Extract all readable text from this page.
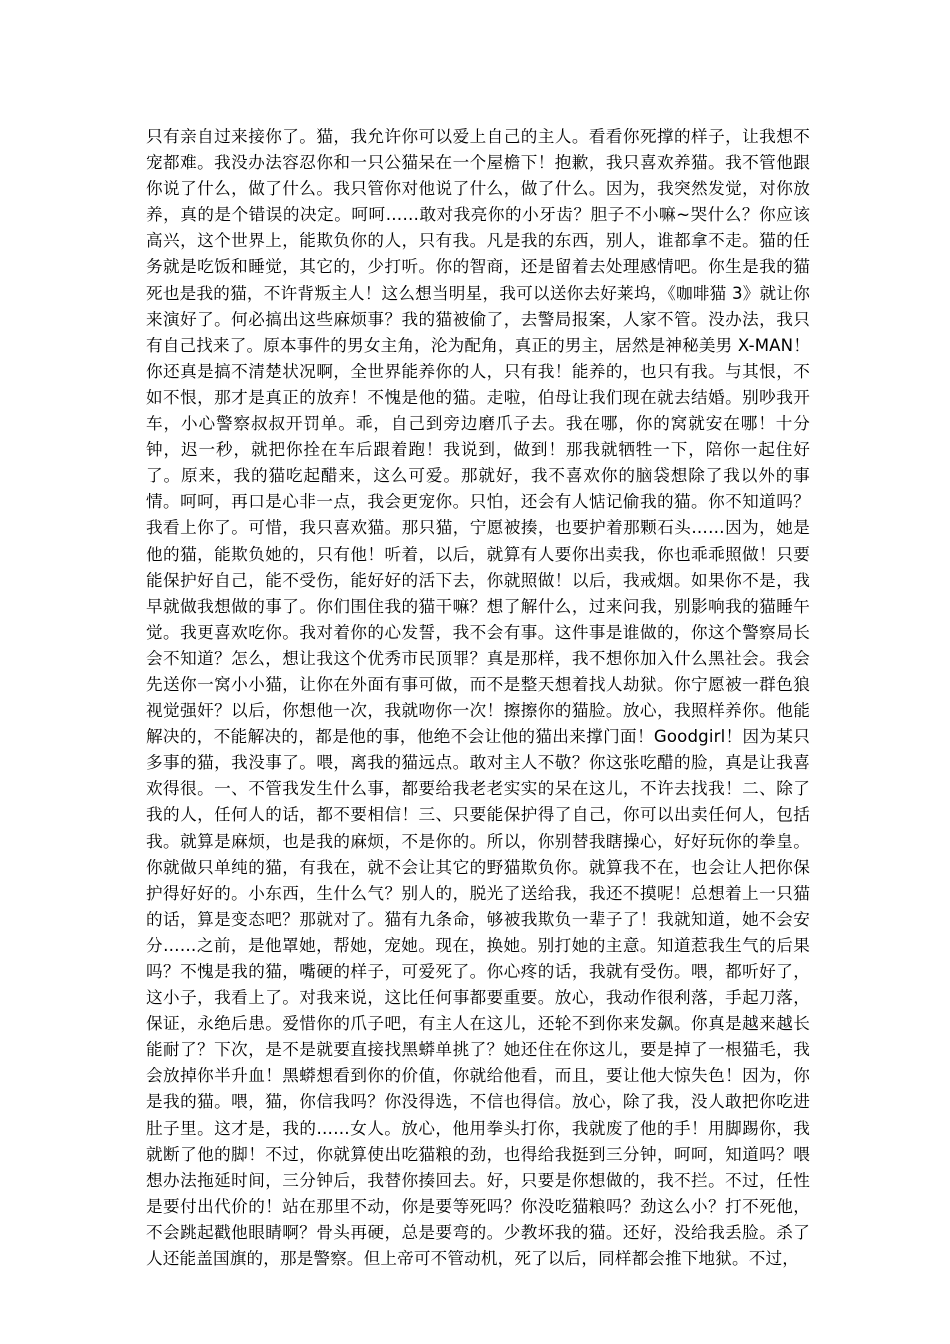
只有亲自过来接你了。猫，我允许你可以爱上自己的主人。看看你死撑的样子，让我想不宠都难。我没办法容忍你和一只公猫呆在一个屋檐下！抱歉，我只喜欢养猫。我不管他跟你说了什么，做了什么。我只管你对他说了什么，做了什么。因为，我突然发觉，对你放养，真的是个错误的决定。呵呵……敢对我亮你的小牙齿？胆子不小嘛~哭什么？你应该高兴，这个世界上，能欺负你的人，只有我。凡是我的东西，别人，谁都拿不走。猫的任务就是吃饭和睡觉，其它的，少打听。你的智商，还是留着去处理感情吧。你生是我的猫死也是我的猫，不许背叛主人！这么想当明星，我可以送你去好莱坞，《咖啡猫 3》就让你来演好了。何必搞出这些麻烦事？我的猫被偷了，去警局报案，人家不管。没办法，我只有自己找来了。原本事件的男女主角，沦为配角，真正的男主，居然是神秘美男 X-MAN！你还真是搞不清楚状况啊，全世界能养你的人，只有我！能养的，也只有我。与其恨，不如不恨，那才是真正的放弃！不愧是他的猫。走啦，伯母让我们现在就去结婚。别吵我开车，小心警察叔叔开罚单。乖，自己到旁边磨爪子去。我在哪，你的窝就安在哪！十分钟，迟一秒，就把你拴在车后跟着跑！我说到，做到！那我就牺牲一下，陪你一起住好了。原来，我的猫吃起醋来，这么可爱。那就好，我不喜欢你的脑袋想除了我以外的事情。呵呵，再口是心非一点，我会更宠你。只怕，还会有人惦记偷我的猫。你不知道吗？我看上你了。可惜，我只喜欢猫。那只猫，宁愿被揍，也要护着那颗石头……因为，她是他的猫，能欺负她的，只有他！听着，以后，就算有人要你出卖我，你也乖乖照做！只要能保护好自己，能不受伤，能好好的活下去，你就照做！以后，我戒烟。如果你不是，我早就做我想做的事了。你们围住我的猫干嘛？想了解什么，过来问我，别影响我的猫睡午觉。我更喜欢吃你。我对着你的心发誓，我不会有事。这件事是谁做的，你这个警察局长会不知道？怎么，想让我这个优秀市民顶罪？真是那样，我不想你加入什么黑社会。我会先送你一窝小小猫，让你在外面有事可做，而不是整天想着找人劫狱。你宁愿被一群色狼视觉强奸？以后，你想他一次，我就吻你一次！擦擦你的猫脸。放心，我照样养你。他能解决的，不能解决的，都是他的事，他绝不会让他的猫出来撑门面！Goodgirl！因为某只多事的猫，我没事了。喂，离我的猫远点。敢对主人不敬？你这张吃醋的脸，真是让我喜欢得很。一、不管我发生什么事，都要给我老老实实的呆在这儿，不许去找我！二、除了我的人，任何人的话，都不要相信！三、只要能保护得了自己，你可以出卖任何人，包括我。就算是麻烦，也是我的麻烦，不是你的。所以，你别替我瞎操心，好好玩你的拳皇。你就做只单纯的猫，有我在，就不会让其它的野猫欺负你。就算我不在，也会让人把你保护得好好的。小东西，生什么气？别人的，脱光了送给我，我还不摸呢！总想着上一只猫的话，算是变态吧？那就对了。猫有九条命，够被我欺负一辈子了！我就知道，她不会安分……之前，是他罩她，帮她，宠她。现在，换她。别打她的主意。知道惹我生气的后果吗？不愧是我的猫，嘴硬的样子，可爱死了。你心疼的话，我就有受伤。喂，都听好了，这小子，我看上了。对我来说，这比任何事都要重要。放心，我动作很利落，手起刀落，保证，永绝后患。爱惜你的爪子吧，有主人在这儿，还轮不到你来发飙。你真是越来越长能耐了？下次，是不是就要直接找黑蟒单挑了？她还住在你这儿，要是掉了一根猫毛，我会放掉你半升血！黑蟒想看到你的价值，你就给他看，而且，要让他大惊失色！因为，你是我的猫。喂，猫，你信我吗？你没得选，不信也得信。放心，除了我，没人敢把你吃进肚子里。这才是，我的……女人。放心，他用拳头打你，我就废了他的手！用脚踢你，我就断了他的脚！不过，你就算使出吃猫粮的劲，也得给我挺到三分钟，呵呵，知道吗？喂想办法拖延时间，三分钟后，我替你揍回去。好，只要是你想做的，我不拦。不过，任性是要付出代价的！站在那里不动，你是要等死吗？你没吃猫粮吗？劲这么小？打不死他，不会跳起戳他眼睛啊？骨头再硬，总是要弯的。少教坏我的猫。还好，没给我丢脸。杀了人还能盖国旗的，那是警察。但上帝可不管动机，死了以后，同样都会推下地狱。不过，
